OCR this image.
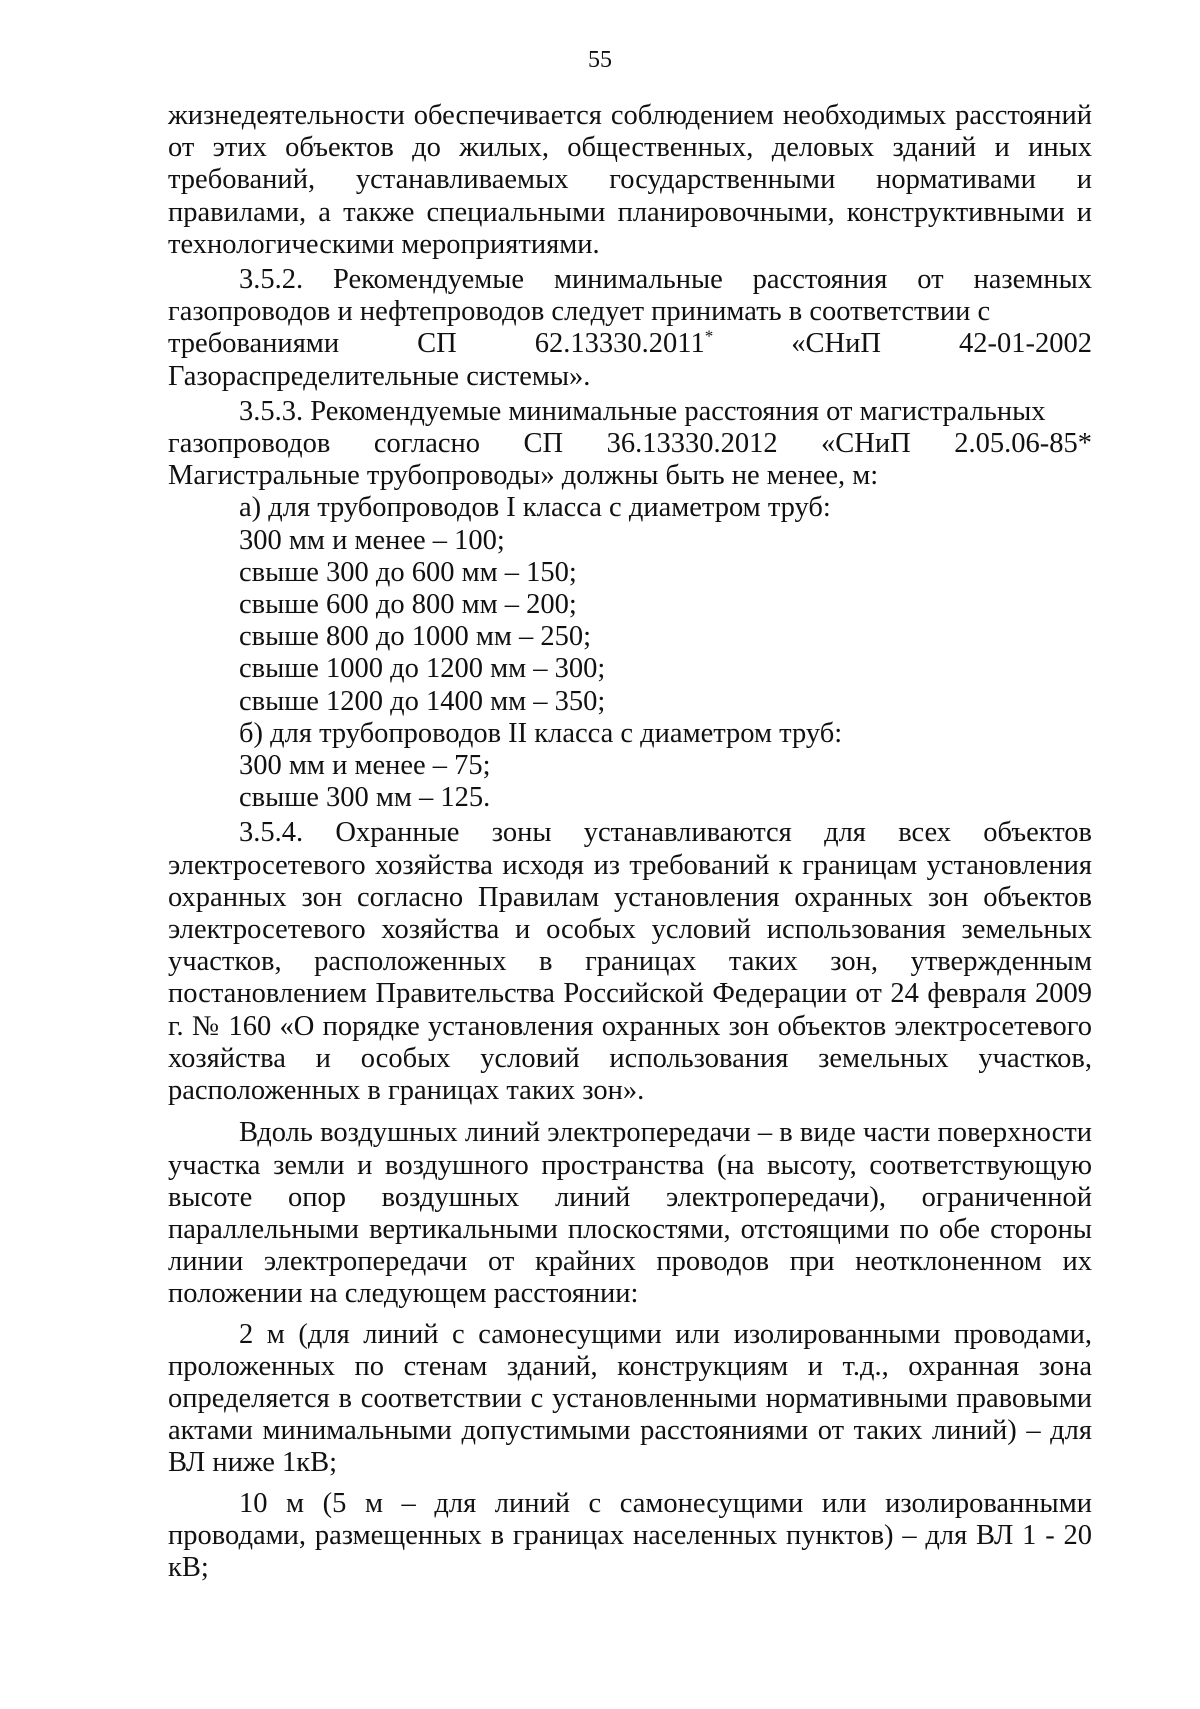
55

жизнедеятельности обеспечивается соблюдением необходимых расстояний от этих объектов до жилых, общественных, деловых зданий и иных требований, устанавливаемых государственными нормативами и правилами, а также специальными планировочными, конструктивными и технологическими мероприятиями.

3.5.2. Рекомендуемые минимальные расстояния от наземных газопроводов и нефтепроводов следует принимать в соответствии с

требованиями	СП	62.13330.2011*	«СНиП	42-01-2002

Газораспределительные системы».

3.5.3. Рекомендуемые минимальные расстояния от магистральных

газопроводов согласно СП 36.13330.2012 «СНиП 2.05.06-85*

Магистральные трубопроводы» должны быть не менее, м:

а) для трубопроводов I класса с диаметром труб:

300 мм и менее – 100;

свыше 300 до 600 мм – 150;

свыше 600 до 800 мм – 200;

свыше 800 до 1000 мм – 250;

свыше 1000 до 1200 мм – 300;

свыше 1200 до 1400 мм – 350;

б) для трубопроводов II класса с диаметром труб:

300 мм и менее – 75;

свыше 300 мм – 125.

3.5.4. Охранные зоны устанавливаются для всех объектов электросетевого хозяйства исходя из требований к границам установления охранных зон согласно Правилам установления охранных зон объектов электросетевого хозяйства и особых условий использования земельных участков, расположенных в границах таких зон, утвержденным постановлением Правительства Российской Федерации от 24 февраля 2009 г. № 160 «О порядке установления охранных зон объектов электросетевого хозяйства и особых условий использования земельных участков, расположенных в границах таких зон».

Вдоль воздушных линий электропередачи – в виде части поверхности участка земли и воздушного пространства (на высоту, соответствующую высоте опор воздушных линий электропередачи), ограниченной параллельными вертикальными плоскостями, отстоящими по обе стороны линии электропередачи от крайних проводов при неотклоненном их положении на следующем расстоянии:

2 м (для линий с самонесущими или изолированными проводами, проложенных по стенам зданий, конструкциям и т.д., охранная зона определяется в соответствии с установленными нормативными правовыми актами минимальными допустимыми расстояниями от таких линий) – для ВЛ ниже 1кВ;

10 м (5 м – для линий с самонесущими или изолированными проводами, размещенных в границах населенных пунктов) – для ВЛ 1 - 20 кВ;
